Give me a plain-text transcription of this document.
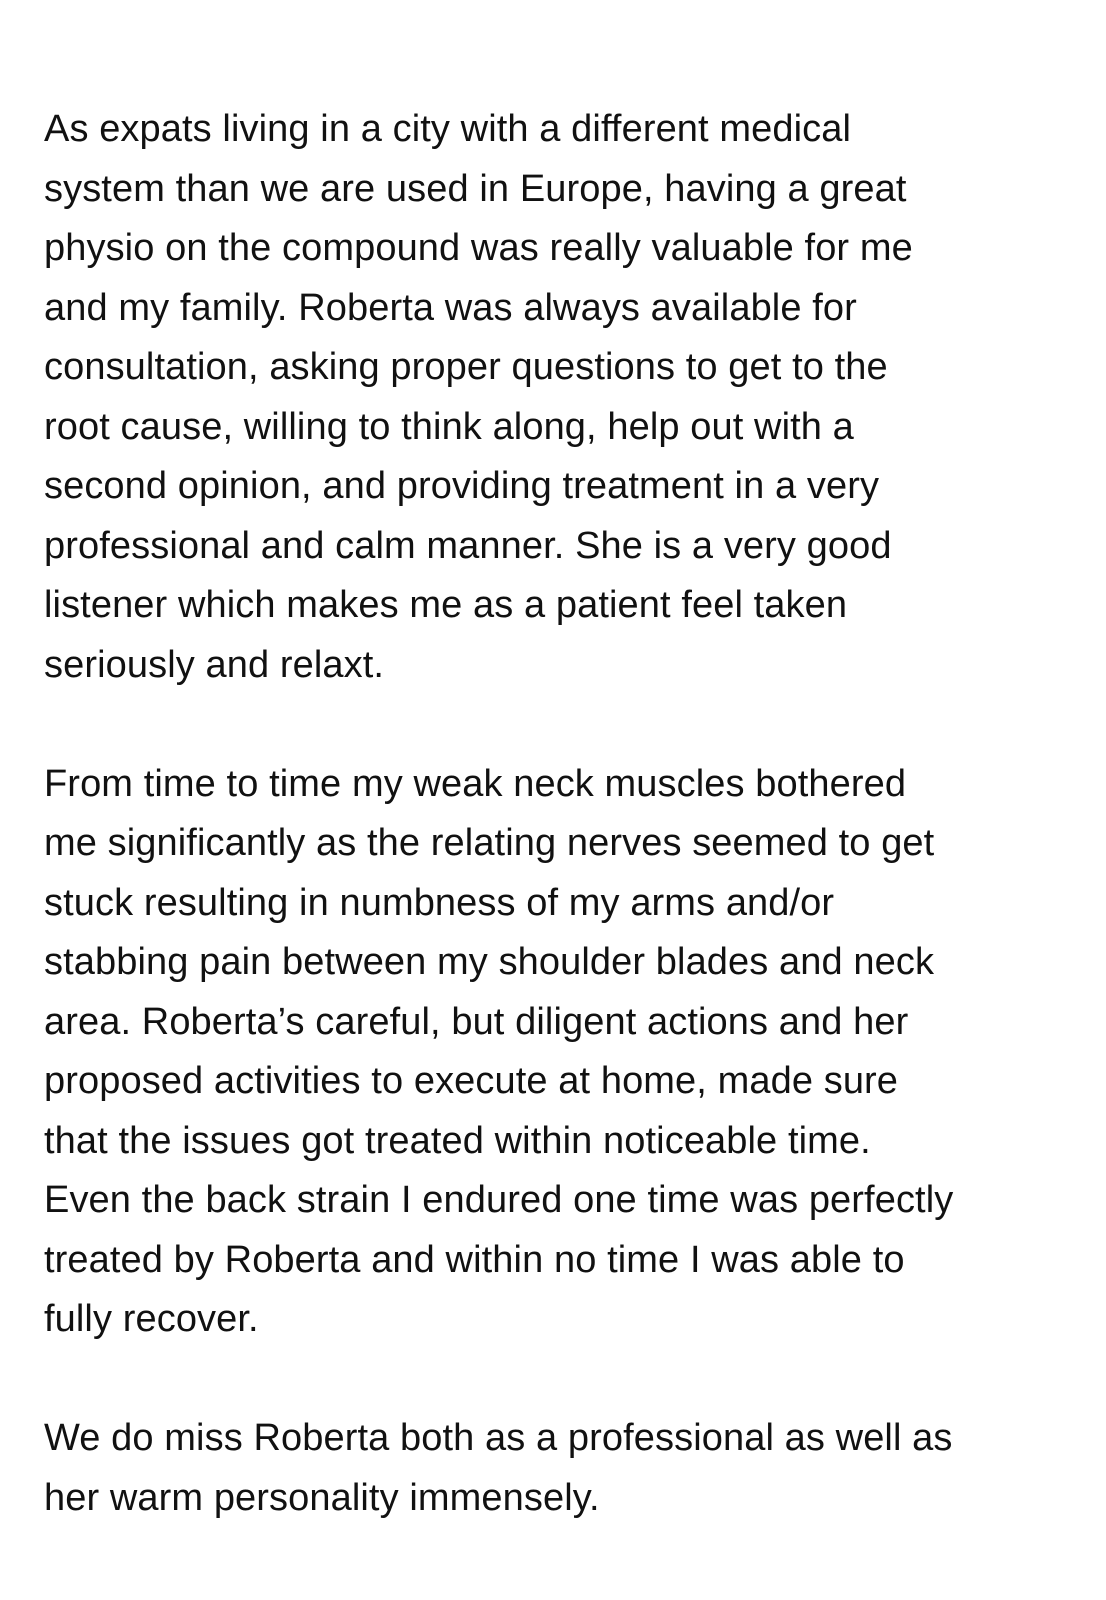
As expats living in a city with a different medical
system than we are used in Europe, having a great
physio on the compound was really valuable for me
and my family. Roberta was always available for
consultation, asking proper questions to get to the
root cause, willing to think along, help out with a
second opinion, and providing treatment in a very
professional and calm manner. She is a very good
listener which makes me as a patient feel taken
seriously and relaxt.

From time to time my weak neck muscles bothered
me significantly as the relating nerves seemed to get
stuck resulting in numbness of my arms and/or
stabbing pain between my shoulder blades and neck
area. Roberta’s careful, but diligent actions and her
proposed activities to execute at home, made sure
that the issues got treated within noticeable time.
Even the back strain I endured one time was perfectly
treated by Roberta and within no time I was able to
fully recover.

We do miss Roberta both as a professional as well as
her warm personality immensely.
